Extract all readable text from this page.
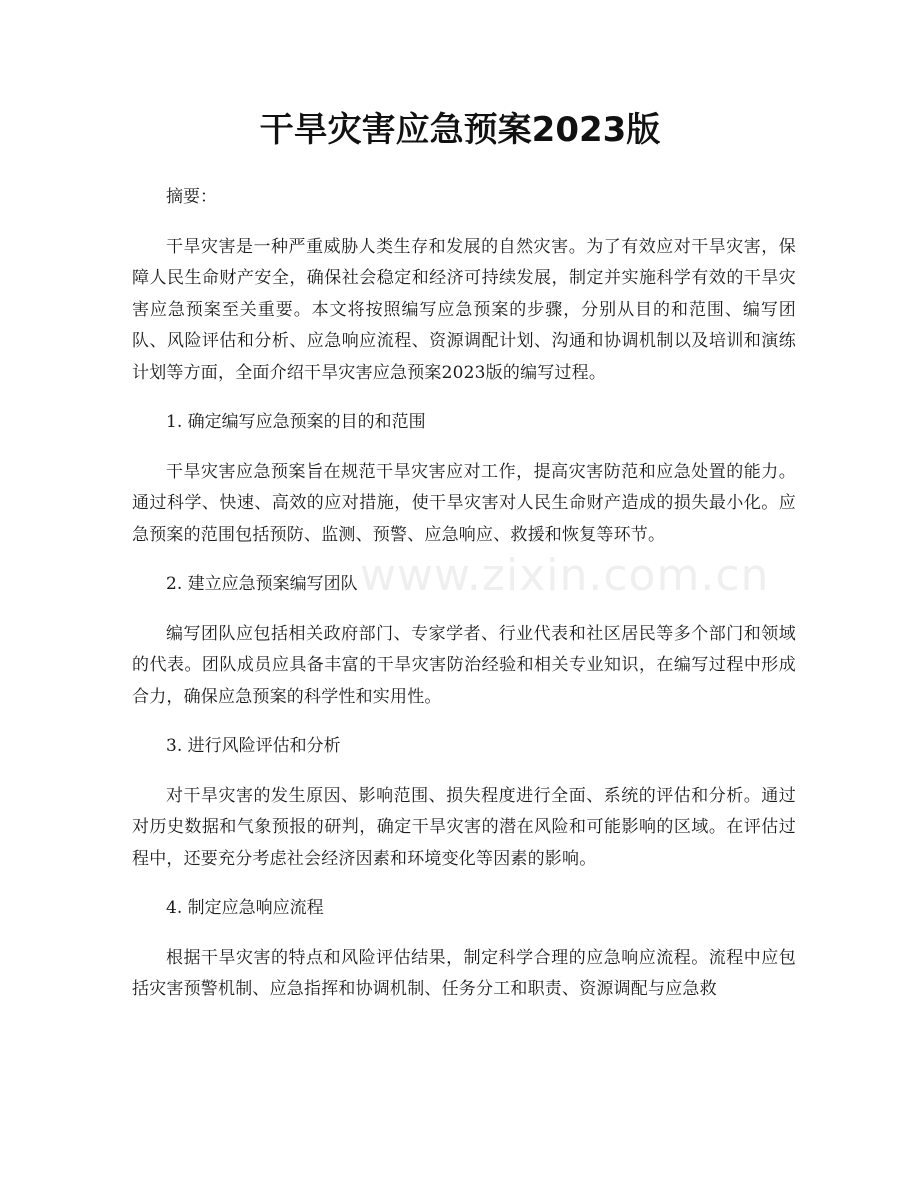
干旱灾害应急预案2023版

摘要：

干旱灾害是一种严重威胁人类生存和发展的自然灾害。为了有效应对干旱灾害，保障人民生命财产安全，确保社会稳定和经济可持续发展，制定并实施科学有效的干旱灾害应急预案至关重要。本文将按照编写应急预案的步骤，分别从目的和范围、编写团队、风险评估和分析、应急响应流程、资源调配计划、沟通和协调机制以及培训和演练计划等方面，全面介绍干旱灾害应急预案2023版的编写过程。

1. 确定编写应急预案的目的和范围

干旱灾害应急预案旨在规范干旱灾害应对工作，提高灾害防范和应急处置的能力。通过科学、快速、高效的应对措施，使干旱灾害对人民生命财产造成的损失最小化。应急预案的范围包括预防、监测、预警、应急响应、救援和恢复等环节。

2. 建立应急预案编写团队

编写团队应包括相关政府部门、专家学者、行业代表和社区居民等多个部门和领域的代表。团队成员应具备丰富的干旱灾害防治经验和相关专业知识，在编写过程中形成合力，确保应急预案的科学性和实用性。

3. 进行风险评估和分析

对干旱灾害的发生原因、影响范围、损失程度进行全面、系统的评估和分析。通过对历史数据和气象预报的研判，确定干旱灾害的潜在风险和可能影响的区域。在评估过程中，还要充分考虑社会经济因素和环境变化等因素的影响。

4. 制定应急响应流程

根据干旱灾害的特点和风险评估结果，制定科学合理的应急响应流程。流程中应包括灾害预警机制、应急指挥和协调机制、任务分工和职责、资源调配与应急救

www.zixin.com.cn
